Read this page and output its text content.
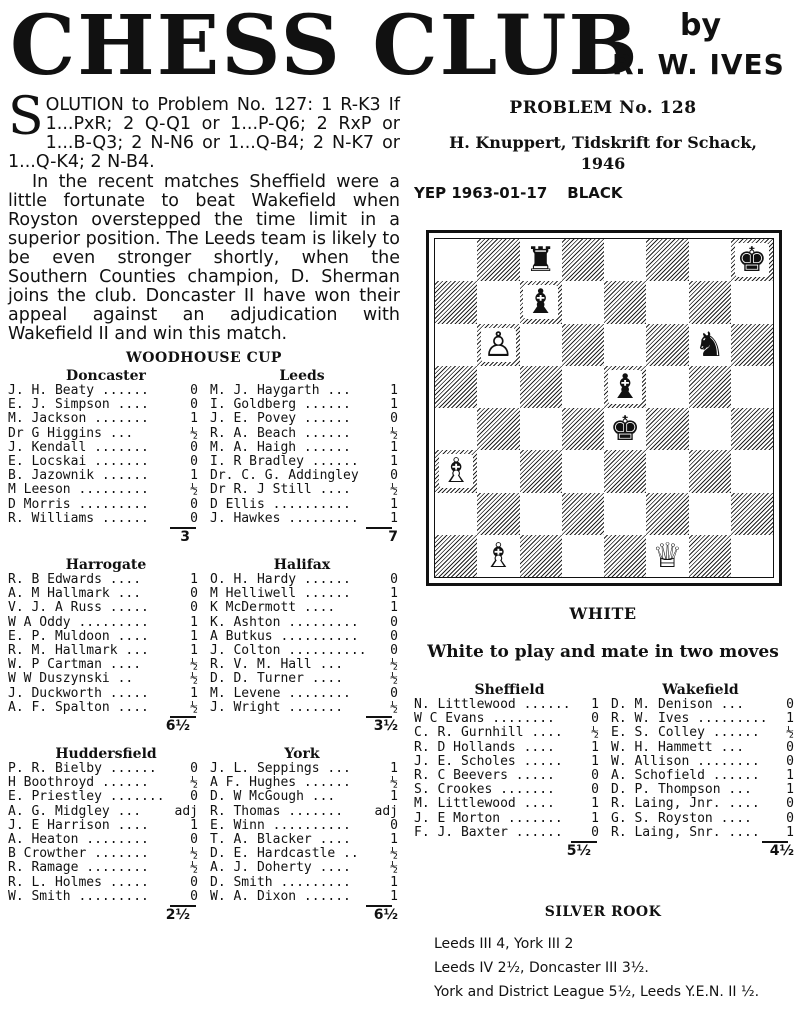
CHESS CLUB by
R. W. IVES
SOLUTION to Problem No. 127: 1 R-K3 If 1...PxR; 2 Q-Q1 or 1...P-Q6; 2 RxP or 1...B-Q3; 2 N-N6 or 1...Q-B4; 2 N-K7 or 1...Q-K4; 2 N-B4.
In the recent matches Sheffield were a little fortunate to beat Wakefield when Royston overstepped the time limit in a superior position. The Leeds team is likely to be even stronger shortly, when the Southern Counties champion, D. Sherman joins the club. Doncaster II have won their appeal against an adjudication with Wakefield II and win this match.
WOODHOUSE CUP
Doncaster	Leeds
J. H. Beaty ......	0 M. J. Haygarth ...	1
E. J. Simpson ....	0 I. Goldberg ......	1
M. Jackson .......	1 J. E. Povey ......	0
Dr G Higgins ...	½ R. A. Beach ......	½
J. Kendall .......	0 M. A. Haigh ......	1
E. Locskai .......	0 I. R Bradley ...... 1
B. Jazownik ......	1 Dr. C. G. Addingley 0
M Leeson .........	½ Dr R. J Still ....	½
D Morris .........	0 D Ellis ..........	1
R. Williams ......	0 J. Hawkes ......... 1
3	7
Harrogate	Halifax
R. B Edwards ....	1 O. H. Hardy ......	0
A. M Hallmark ...	0 M Helliwell ......	1
V. J. A Russ .....	0 K McDermott ....	1
W A Oddy .........	1 K. Ashton ......... 0
E. P. Muldoon ....	1 A Butkus .......... 0
R. M. Hallmark ...	1 J. Colton .......... 0
W. P Cartman ....	½ R. V. M. Hall ...	½
W W Duszynski ..	½ D. D. Turner ....	½
J. Duckworth .....	1 M. Levene ........	0
A. F. Spalton ....	½ J. Wright .......	½
6½	3½
Huddersfield	York
P. R. Bielby ......	0 J. L. Seppings ...	1
H Boothroyd ......	½ A F. Hughes ......	½
E. Priestley ....... 0 D. W McGough ...	1
A. G. Midgley ...	adj R. Thomas ....... adj
J. E Harrison ....	1 E. Winn ..........	0
A. Heaton ........	0 T. A. Blacker ....	1
B Crowther .......	½ D. E. Hardcastle .. ½
R. Ramage ........	½ A. J. Doherty ....	½
R. L. Holmes .....	0 D. Smith .........	1
W. Smith .........	0 W. A. Dixon ......	1
2½	6½
PROBLEM No. 128
H. Knuppert, Tidskrift for Schack,
1946
YEP 1963-01-17 BLACK
♜	♚
♝
♙	♞
♝
♚
♗
♗	♕
WHITE
White to play and mate in two moves
Sheffield	Wakefield
N. Littlewood ...... 1 D. M. Denison ...	0
W C Evans ........	0 R. W. Ives ......... 1
C. R. Gurnhill .... ½ E. S. Colley ...... ½
R. D Hollands ....	1 W. H. Hammett ...	0
J. E. Scholes ..... 1 W. Allison ........ 0
R. C Beevers .....	0 A. Schofield ...... 1
S. Crookes .......	0 D. P. Thompson ...	1
M. Littlewood ....	1 R. Laing, Jnr. .... 0
J. E Morton ....... 1 G. S. Royston ....	0
F. J. Baxter ...... 0 R. Laing, Snr. .... 1
5½	4½
SILVER ROOK
Leeds III 4, York III 2
Leeds IV 2½, Doncaster III 3½.
York and District League 5½, Leeds Y.E.N. II ½.
